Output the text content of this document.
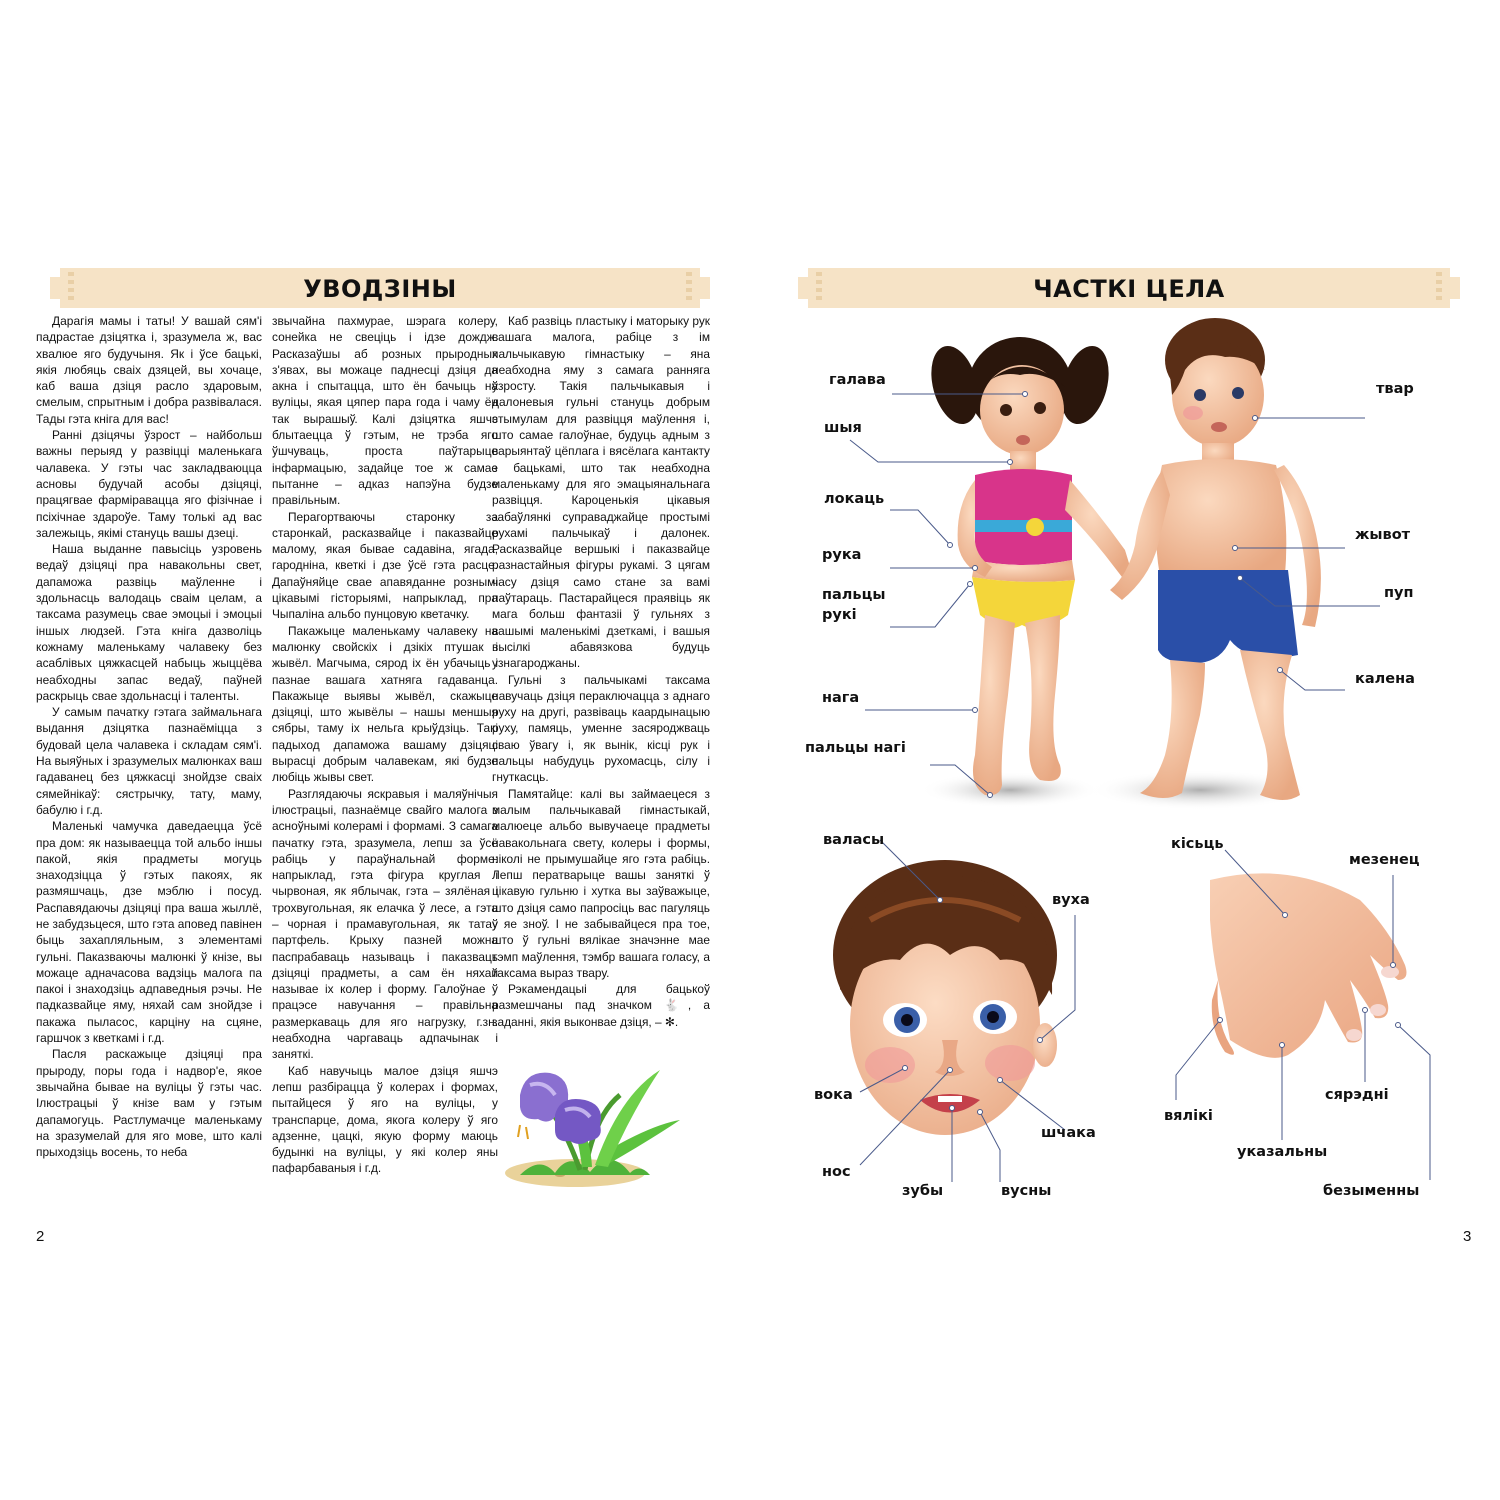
УВОДЗІНЫ

Дарагія мамы і таты! У вашай сям'і падрастае дзіцятка і, зразумела ж, вас хвалюе яго будучыня. Як і ўсе бацькі, якія любяць сваіх дзяцей, вы хочаце, каб ваша дзіця расло здаровым, смелым, спрытным і добра развівалася. Тады гэта кніга для вас!

Ранні дзіцячы ўзрост – найбольш важны перыяд у развіцці маленькага чалавека. У гэты час закладваюцца асновы будучай асобы дзіцяці, працягвае фарміравацца яго фізічнае і псіхічнае здароўе. Таму толькі ад вас залежыць, якімі стануць вашы дзеці.

Наша выданне павысіць узровень ведаў дзіцяці пра навакольны свет, дапаможа развіць маўленне і здольнасць валодаць сваім целам, а таксама разумець свае эмоцыі і эмоцыі іншых людзей. Гэта кніга дазволіць кожнаму маленькаму чалавеку без асаблівых цяжкасцей набыць жыццёва неабходны запас ведаў, паўней раскрыць свае здольнасці і таленты.

У самым пачатку гэтага займальнага выдання дзіцятка пазнаёміцца з будовай цела чалавека і складам сям'і. На выяўных і зразумелых малюнках ваш гадаванец без цяжкасці знойдзе сваіх сямейнікаў: сястрычку, тату, маму, бабулю і г.д.

Маленькі чамучка даведаецца ўсё пра дом: як называецца той альбо іншы пакой, якія прадметы могуць знаходзіцца ў гэтых пакоях, як размяшчаць, дзе мэблю і посуд. Распавядаючы дзіцяці пра ваша жыллё, не забудзьцеся, што гэта аповед павінен быць захапляльным, з элементамі гульні. Паказваючы малюнкі ў кнізе, вы можаце адначасова вадзіць малога па пакоі і знаходзіць адпаведныя рэчы. Не падказвайце яму, няхай сам знойдзе і пакажа пыласос, карціну на сцяне, гаршчок з кветкамі і г.д.

Пасля раскажыце дзіцяці пра прыроду, поры года і надвор'е, якое звычайна бывае на вуліцы ў гэты час. Ілюстрацыі ў кнізе вам у гэтым дапамогуць. Растлумачце маленькаму на зразумелай для яго мове, што калі прыходзіць восень, то неба

звычайна пахмурае, шэрага колеру, сонейка не свеціць і ідзе дождж. Расказаўшы аб розных прыродных з'явах, вы можаце паднесці дзіця да акна і спытацца, што ён бачыць на вуліцы, якая цяпер пара года і чаму ён так вырашыў. Калі дзіцятка яшчэ блытаецца ў гэтым, не трэба яго ўшчуваць, проста паўтарыце інфармацыю, задайце тое ж самае пытанне – адказ напэўна будзе правільным.

Перагортваючы старонку за старонкай, расказвайце і паказвайце малому, якая бывае садавіна, ягада, гароднiна, кветкі і дзе ўсё гэта расце. Дапаўняйце свае апавяданне рознымі цікавымі гісторыямі, напрыклад, пра Чыпаліна альбо пунцовую кветачку.

Пакажыце маленькаму чалавеку на малюнку свойскіх і дзікіх птушак і жывёл. Магчыма, сярод іх ён убачыць і пазнае вашага хатняга гадаванца. Пакажыце выявы жывёл, скажыце дзіцяці, што жывёлы – нашы меншыя сябры, таму іх нельга крыўдзіць. Такі падыход дапаможа вашаму дзіцяці вырасці добрым чалавекам, які будзе любіць жывы свет.

Разглядаючы яскравыя і маляўнічыя ілюстрацыі, пазнаёмце свайго малога з асноўнымі колерамі і формамі. З самага пачатку гэта, зразумела, лепш за ўсё рабіць у параўнальнай форме: напрыклад, гэта фігура круглая і чырвоная, як яблычак, гэта – зялёная і трохвугольная, як елачка ў лесе, а гэта – чорная і прамавугольная, як татаў партфель. Крыху пазней можна паспрабаваць называць і паказваць дзіцяці прадметы, а сам ён няхай называе іх колер і форму. Галоўнае ў працэсе навучання – правільна размеркаваць для яго нагрузку, г.зн. неабходна чаргаваць адпачынак і заняткі.

Каб навучыць малое дзіця яшчэ лепш разбірацца ў колерах і формах, пытайцеся ў яго на вуліцы, у транспарце, дома, якога колеру ў яго адзенне, цацкі, якую форму маюць будынкі на вуліцы, у які колер яны пафарбаваныя і г.д.

Каб развіць пластыку і маторыку рук вашага малога, рабіце з ім пальчыкавую гімнастыку – яна неабходна яму з самага ранняга ўзросту. Такія пальчыкавыя і далоневыя гульні стануць добрым стымулам для развіцця маўлення і, што самае галоўнае, будуць адным з варыянтаў цёплага і вясёлага кантакту з бацькамі, што так неабходна маленькаму для яго эмацыянальнага развіцця. Кароценькія цікавыя забаўлянкі суправаджайце простымі рухамі пальчыкаў і далонек. Расказвайце вершыкі і паказвайце разнастайныя фігуры рукамі. З цягам часу дзіця само стане за вамі паўтараць. Пастарайцеся праявіць як мага больш фантазіі ў гульнях з вашымі маленькімі дзеткамі, і вашыя высілкі абавязкова будуць узнагароджаны.

Гульні з пальчыкамі таксама навучаць дзіця пераключацца з аднаго руху на другі, развіваць каардынацыю руху, памяць, уменне засяроджваць сваю ўвагу і, як вынік, кісці рук і пальцы набудуць рухомасць, сілу і гнуткасць.

Памятайце: калі вы займаецеся з малым пальчыкавай гімнастыкай, малюеце альбо вывучаеце прадметы навакольнага свету, колеры і формы, ніколі не прымушайце яго гэта рабіць. Лепш ператварыце вашы заняткі ў цікавую гульню і хутка вы заўважыце, што дзіця само папросіць вас пагуляць у яе зноў. І не забывайцеся пра тое, што ў гульні вялікае значэнне мае тэмп маўлення, тэмбр вашага голасу, а таксама выраз твару.

Рэкамендацыі для бацькоў размешчаны пад значком 🐇, а заданні, якія выконвае дзіця, – ✻.

2
ЧАСТКІ ЦЕЛА
галава
шыя
локаць
рука
пальцы
рукі
нага
пальцы нагі
твар
жывот
пуп
калена
валасы
вуха
вока
шчака
нос
зубы	вусны
кісьць
мезенец
вялікі
сярэдні
указальны
безыменны
3
